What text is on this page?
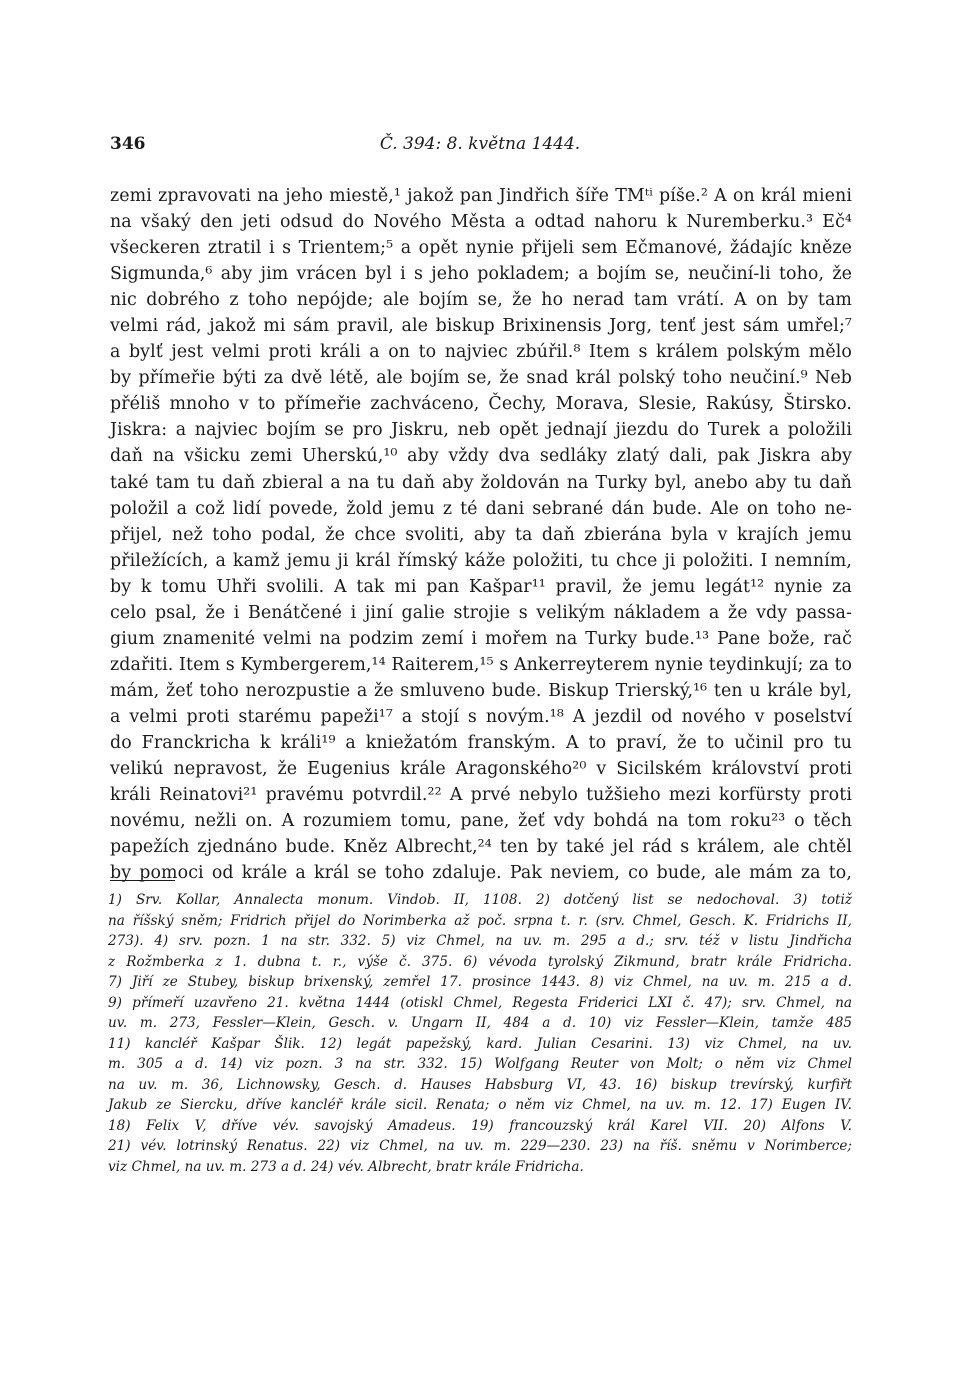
346	Č. 394: 8. května 1444.
zemi zpravovati na jeho miestě,¹ jakož pan Jindřich šíře TMᵗⁱ píše.² A on král mieni
na všaký den jeti odsud do Nového Města a odtad nahoru k Nuremberku.³ Eč⁴
všeckeren ztratil i s Trientem;⁵ a opět nynie přijeli sem Ečmanové, žádajíc kněze
Sigmunda,⁶ aby jim vrácen byl i s jeho pokladem; a bojím se, neučiní-li toho, že
nic dobrého z toho nepójde; ale bojím se, že ho nerad tam vrátí. A on by tam
velmi rád, jakož mi sám pravil, ale biskup Brixinensis Jorg, tenť jest sám umřel;⁷
a bylť jest velmi proti králi a on to najviec zbúřil.⁸ Item s králem polským mělo
by přímeřie býti za dvě létě, ale bojím se, že snad král polský toho neučiní.⁹ Neb
přéliš mnoho v to přímeřie zachváceno, Čechy, Morava, Slesie, Rakúsy, Štirsko.
Jiskra: a najviec bojím se pro Jiskru, neb opět jednají jiezdu do Turek a položili
daň na všicku zemi Uherskú,¹⁰ aby vždy dva sedláky zlatý dali, pak Jiskra aby
také tam tu daň zbieral a na tu daň aby žoldován na Turky byl, anebo aby tu daň
položil a což lidí povede, žold jemu z té dani sebrané dán bude. Ale on toho ne-
přijel, než toho podal, že chce svoliti, aby ta daň zbierána byla v krajích jemu
přiležících, a kamž jemu ji král římský káže položiti, tu chce ji položiti. I nemním,
by k tomu Uhři svolili. A tak mi pan Kašpar¹¹ pravil, že jemu legát¹² nynie za
celo psal, že i Benátčené i jiní galie strojie s velikým nákladem a že vdy passa-
gium znamenité velmi na podzim zemí i mořem na Turky bude.¹³ Pane bože, rač
zdařiti. Item s Kymbergerem,¹⁴ Raiterem,¹⁵ s Ankerreyterem nynie teydinkují; za to
mám, žeť toho nerozpustie a že smluveno bude. Biskup Trierský,¹⁶ ten u krále byl,
a velmi proti starému papeži¹⁷ a stojí s novým.¹⁸ A jezdil od nového v poselství
do Franckricha k králi¹⁹ a kniežatóm franským. A to praví, že to učinil pro tu
velikú nepravost, že Eugenius krále Aragonského²⁰ v Sicilském království proti
králi Reinatovi²¹ pravému potvrdil.²² A prvé nebylo tužšieho mezi korfürsty proti
novému, nežli on. A rozumiem tomu, pane, žeť vdy bohdá na tom roku²³ o těch
papežích zjednáno bude. Kněz Albrecht,²⁴ ten by také jel rád s králem, ale chtěl
by pomoci od krále a král se toho zdaluje. Pak neviem, co bude, ale mám za to,
1) Srv. Kollar, Annalecta monum. Vindob. II, 1108. 2) dotčený list se nedochoval. 3) totiž
na říšský sněm; Fridrich přijel do Norimberka až poč. srpna t. r. (srv. Chmel, Gesch. K. Fridrichs II,
273). 4) srv. pozn. 1 na str. 332. 5) viz Chmel, na uv. m. 295 a d.; srv. též v listu Jindřicha
z Rožmberka z 1. dubna t. r., výše č. 375. 6) vévoda tyrolský Zikmund, bratr krále Fridricha.
7) Jiří ze Stubey, biskup brixenský, zemřel 17. prosince 1443. 8) viz Chmel, na uv. m. 215 a d.
9) přímeří uzavřeno 21. května 1444 (otiskl Chmel, Regesta Friderici LXI č. 47); srv. Chmel, na
uv. m. 273, Fessler—Klein, Gesch. v. Ungarn II, 484 a d. 10) viz Fessler—Klein, tamže 485
11) kancléř Kašpar Šlik. 12) legát papežský, kard. Julian Cesarini. 13) viz Chmel, na uv.
m. 305 a d. 14) viz pozn. 3 na str. 332. 15) Wolfgang Reuter von Molt; o něm viz Chmel
na uv. m. 36, Lichnowsky, Gesch. d. Hauses Habsburg VI, 43. 16) biskup trevírský, kurfiřt
Jakub ze Siercku, dříve kancléř krále sicil. Renata; o něm viz Chmel, na uv. m. 12. 17) Eugen IV.
18) Felix V, dříve vév. savojský Amadeus. 19) francouzský král Karel VII. 20) Alfons V.
21) vév. lotrinský Renatus. 22) viz Chmel, na uv. m. 229—230. 23) na říš. sněmu v Norimberce;
viz Chmel, na uv. m. 273 a d. 24) vév. Albrecht, bratr krále Fridricha.
